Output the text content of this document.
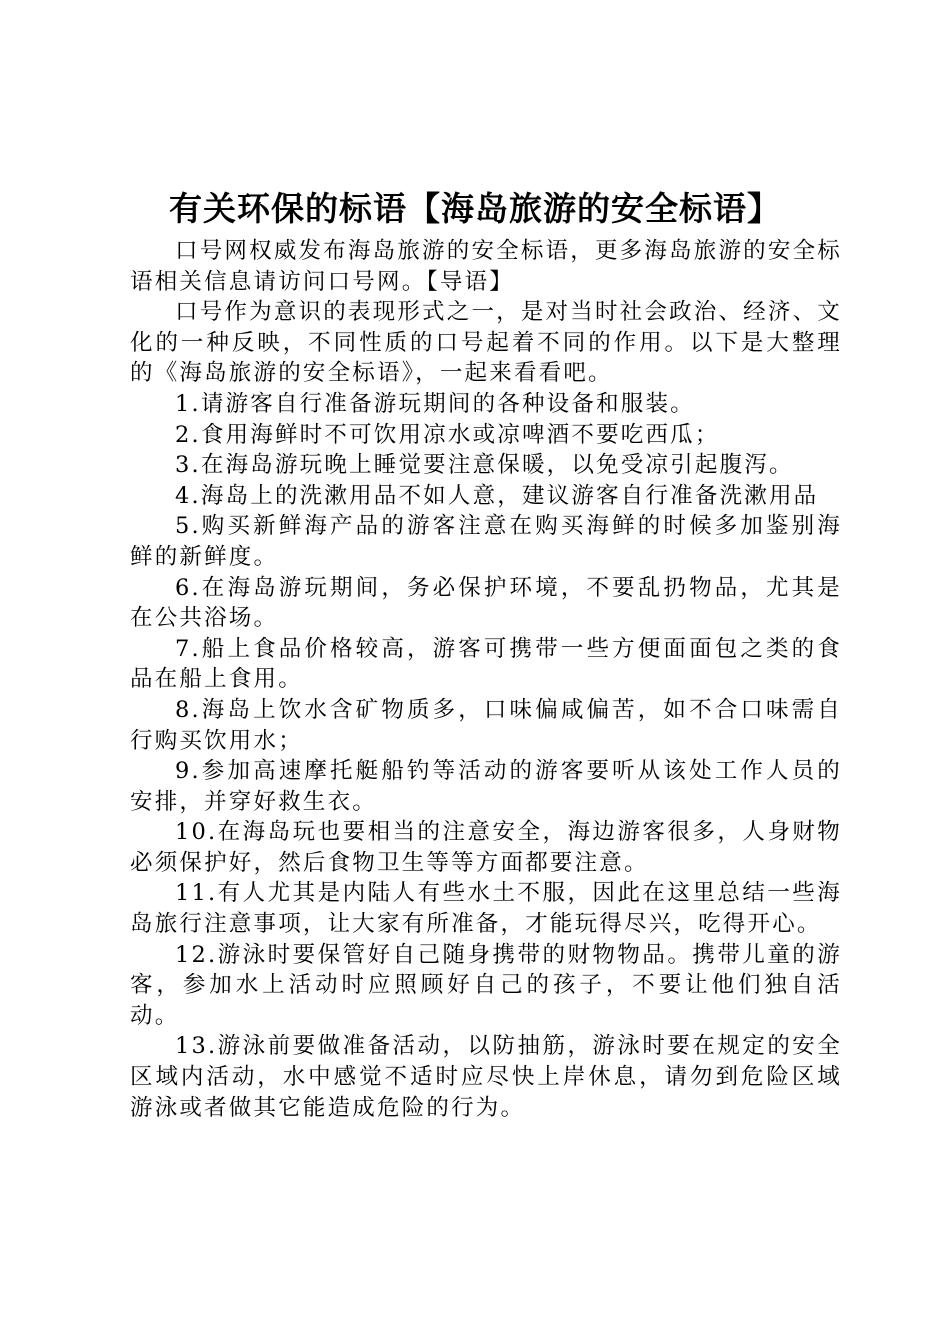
有关环保的标语【海岛旅游的安全标语】

口号网权威发布海岛旅游的安全标语，更多海岛旅游的安全标语相关信息请访问口号网。【导语】

口号作为意识的表现形式之一，是对当时社会政治、经济、文化的一种反映，不同性质的口号起着不同的作用。以下是大整理的《海岛旅游的安全标语》，一起来看看吧。

1.请游客自行准备游玩期间的各种设备和服装。

2.食用海鲜时不可饮用凉水或凉啤酒不要吃西瓜；

3.在海岛游玩晚上睡觉要注意保暖，以免受凉引起腹泻。

4.海岛上的洗漱用品不如人意，建议游客自行准备洗漱用品

5.购买新鲜海产品的游客注意在购买海鲜的时候多加鉴别海鲜的新鲜度。

6.在海岛游玩期间，务必保护环境，不要乱扔物品，尤其是在公共浴场。

7.船上食品价格较高，游客可携带一些方便面面包之类的食品在船上食用。

8.海岛上饮水含矿物质多，口味偏咸偏苦，如不合口味需自行购买饮用水；

9.参加高速摩托艇船钓等活动的游客要听从该处工作人员的安排，并穿好救生衣。

10.在海岛玩也要相当的注意安全，海边游客很多，人身财物必须保护好，然后食物卫生等等方面都要注意。

11.有人尤其是内陆人有些水土不服，因此在这里总结一些海岛旅行注意事项，让大家有所准备，才能玩得尽兴，吃得开心。

12.游泳时要保管好自己随身携带的财物物品。携带儿童的游客，参加水上活动时应照顾好自己的孩子，不要让他们独自活动。

13.游泳前要做准备活动，以防抽筋，游泳时要在规定的安全区域内活动，水中感觉不适时应尽快上岸休息，请勿到危险区域游泳或者做其它能造成危险的行为。
